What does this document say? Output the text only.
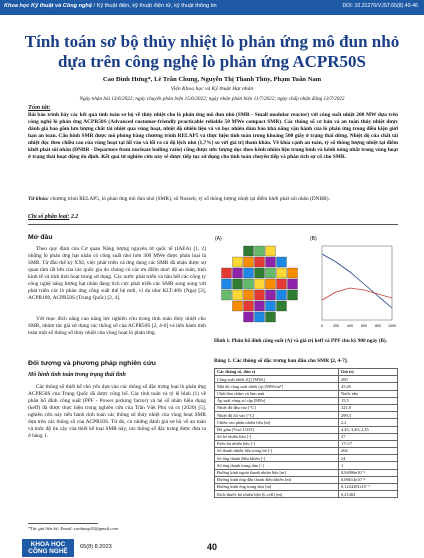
Khoa học Kỹ thuật và Công nghệ / Kỹ thuật điện, kỹ thuật điện tử, kỹ thuật thông tin	DOI: 10.31276/VJST.65(8).40-46
Tính toán sơ bộ thủy nhiệt lò phản ứng mô đun nhỏ dựa trên công nghệ lò phản ứng ACPR50S
Cao Đình Hưng*, Lê Trần Chung, Nguyễn Thị Thanh Thủy, Phạm Tuấn Nam
Viện Khoa học và Kỹ thuật Hạt nhân
Ngày nhận bài 13/6/2022; ngày chuyển phản biện 15/6/2022; ngày nhận phản biện 11/7/2022; ngày chấp nhận đăng 13/7/2022
Tóm tắt:
Bài báo trình bày các kết quả tính toán sơ bộ về thủy nhiệt cho lò phản ứng mô đun nhỏ (SMR - Small modular reactor) với công suất nhiệt 200 MW dựa trên công nghệ lò phản ứng ACPR50S (Advanced customer-friendly practicable reliable 50 MWe compact SMR). Các thông số cơ bản và an toàn thủy nhiệt được đánh giá bao gồm lưu lượng chất tải nhiệt qua vùng hoạt, nhiệt độ nhiên liệu và vỏ bọc nhiên đảm bảo khả năng vận hành của lò phản ứng trong điều kiện giới hạn an toàn. Cấu hình SMR được mô phỏng bằng chương trình RELAP5 và thực hiện tính toán trong khoảng 500 giây ở trạng thái dừng. Nhiệt độ của chất tải nhiệt đọc theo chiều cao của vùng hoạt tại lối vào và lối ra có độ lệch nhỏ (1,7%) so với giá trị tham khảo. Về khía cạnh an toàn, tỷ số thông lượng nhiệt tại điểm khởi phát sôi nhân (DNBR - Departure from nucleate boiling ratio) cũng được ước lượng dọc theo kênh nhiên liệu trung bình và kênh nóng nhất trong vùng hoạt ở trạng thái hoạt động ổn định. Kết quả từ nghiên cứu này sẽ được tiếp tục sử dụng cho tính toán chuyển tiếp và phân tích sự cố cho SMR.
Từ khóa: chương trình RELAP5, lò phản ứng mô đun nhỏ (SMR), số Nusselt, tỷ số thông lượng nhiệt tại điểm khởi phát sôi nhân (DNBR).
Chỉ số phân loại: 2.2
Mở đầu
Theo quy định của Cơ quan Năng lượng nguyên tử quốc tế (IAEA) [1, 2] những lò phản ứng hạt nhân có công suất nhỏ hơn 300 MWe được phân loại là SMR. Từ đầu thế kỷ XXI, việc phát triển và ứng dụng các SMR đã nhận được sự quan tâm rất lớn của các quốc gia do chúng có các ưu điểm như: độ an toàn, tính kinh tế và tính linh hoạt trong sử dụng. Các nước phát triển và hầu hết các công ty công nghệ năng lượng hạt nhân đang tích cực phát triển các SMR song song với phát triển các lò phản ứng công suất thế hệ mới, ví dụ như KLT-40S (Nga) [3], ACPR100, ACPR50S (Trung Quốc) [2, 4].
Với mục đích nâng cao năng lực nghiên cứu trong tính toán thủy nhiệt cho SMR, nhóm tác giả sử dụng các thông số của ACPR50S [2, 4-6] và tiến hành tính toán một số thông số thủy nhiệt của vùng hoạt lò phản ứng.
Đối tượng và phương pháp nghiên cứu
Mô hình tính toán trong trạng thái tĩnh
Các thông số thiết kế chủ yếu dựa vào các thông số đặc trưng loại lò phản ứng ACPR50S của Trung Quốc đã được công bố. Các tính toán và tỷ lệ hình (1) về phân bố đỉnh công suất (PPF - Power picking factor) và hệ số nhân hiệu dụng (keff) đã được thực hiện trong nghiên cứu của Trần Việt Phú và cs (2020) [5], nghiên cứu này tiến hành tính toán các thông số thủy nhiệt của vùng hoạt SMR dựa trên các thông số của ACPR50S. Từ đó, có những đánh giá sơ bộ về an toàn và mức độ tin cậy của thiết kế loại SMR này, các thông số đặc trưng được đưa ra ở bảng 1.
(A)	(B)
0	200 400 600 800 1000
Hình 1. Phân bố đỉnh công suất (A) và giá trị keff và PPF chu kỳ 900 ngày (B).
Bảng 1. Các thông số đặc trưng ban đầu cho SMR [2, 4-7].
Các thông số, đơn vị	Giá trị
Công suất nhiệt (Q) [MWt]	200
Mật độ công suất nhiệt (q) [MWt/m³]	45,45
Chất làm chậm và làm mát	Nước nhẹ
Áp suất vòng sơ cấp [MPa]	15,5
Nhiệt độ đầu vào [°C]	321,8
Nhiệt độ lối vào [°C]	299,3
Chiều cao phần nhiên liệu [m]	2,2
Độ giàu [%wt U235]	4,45; 3,40; 2,35
Số bó nhiên liệu [-]	37
Kiểu bó nhiên liệu [-]	17×17
Số thanh nhiên liệu trong bó [-]	264
Số ống thanh điều khiển [-]	24
Số ống thanh trung tâm [-]	1
Đường kính ngoài thanh nhiên liệu [m]	0,94996e10⁻²
Đường kính ống dẫn thanh điều khiển [m]	0,06614e10⁻²
Đường kính ống trung tâm [m]	0,1224281e10⁻²
Kích thước bó nhiên liệu (L,cell) [m]	0,21402
*Tác giả liên hệ: Email: caohung10@gmail.com
KHOA HỌC
CÔNG NGHỆ
65(8) 8.2023	40
